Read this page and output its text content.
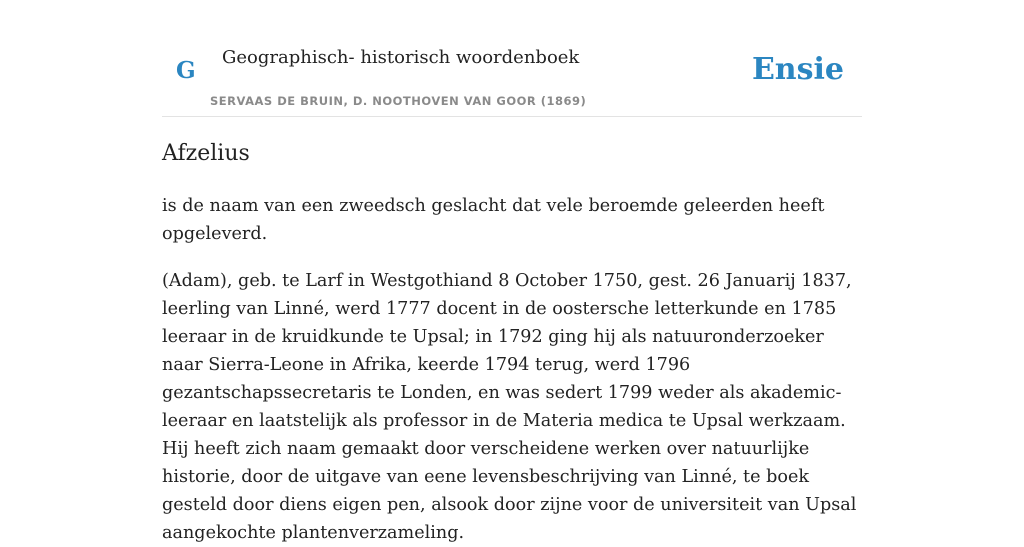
G Geographisch- historisch woordenboek
SERVAAS DE BRUIN, D. NOOTHOVEN VAN GOOR (1869)
Ensie
Afzelius

is de naam van een zweedsch geslacht dat vele beroemde geleerden heeft opgeleverd.

(Adam), geb. te Larf in Westgothiand 8 October 1750, gest. 26 Januarij 1837, leerling van Linné, werd 1777 docent in de oostersche letterkunde en 1785 leeraar in de kruidkunde te Upsal; in 1792 ging hij als natuuronderzoeker naar Sierra-Leone in Afrika, keerde 1794 terug, werd 1796 gezantschapssecretaris te Londen, en was sedert 1799 weder als akademic-leeraar en laatstelijk als professor in de Materia medica te Upsal werkzaam. Hij heeft zich naam gemaakt door verscheidene werken over natuurlijke historie, door de uitgave van eene levensbeschrijving van Linné, te boek gesteld door diens eigen pen, alsook door zijne voor de universiteit van Upsal aangekochte plantenverzameling.
